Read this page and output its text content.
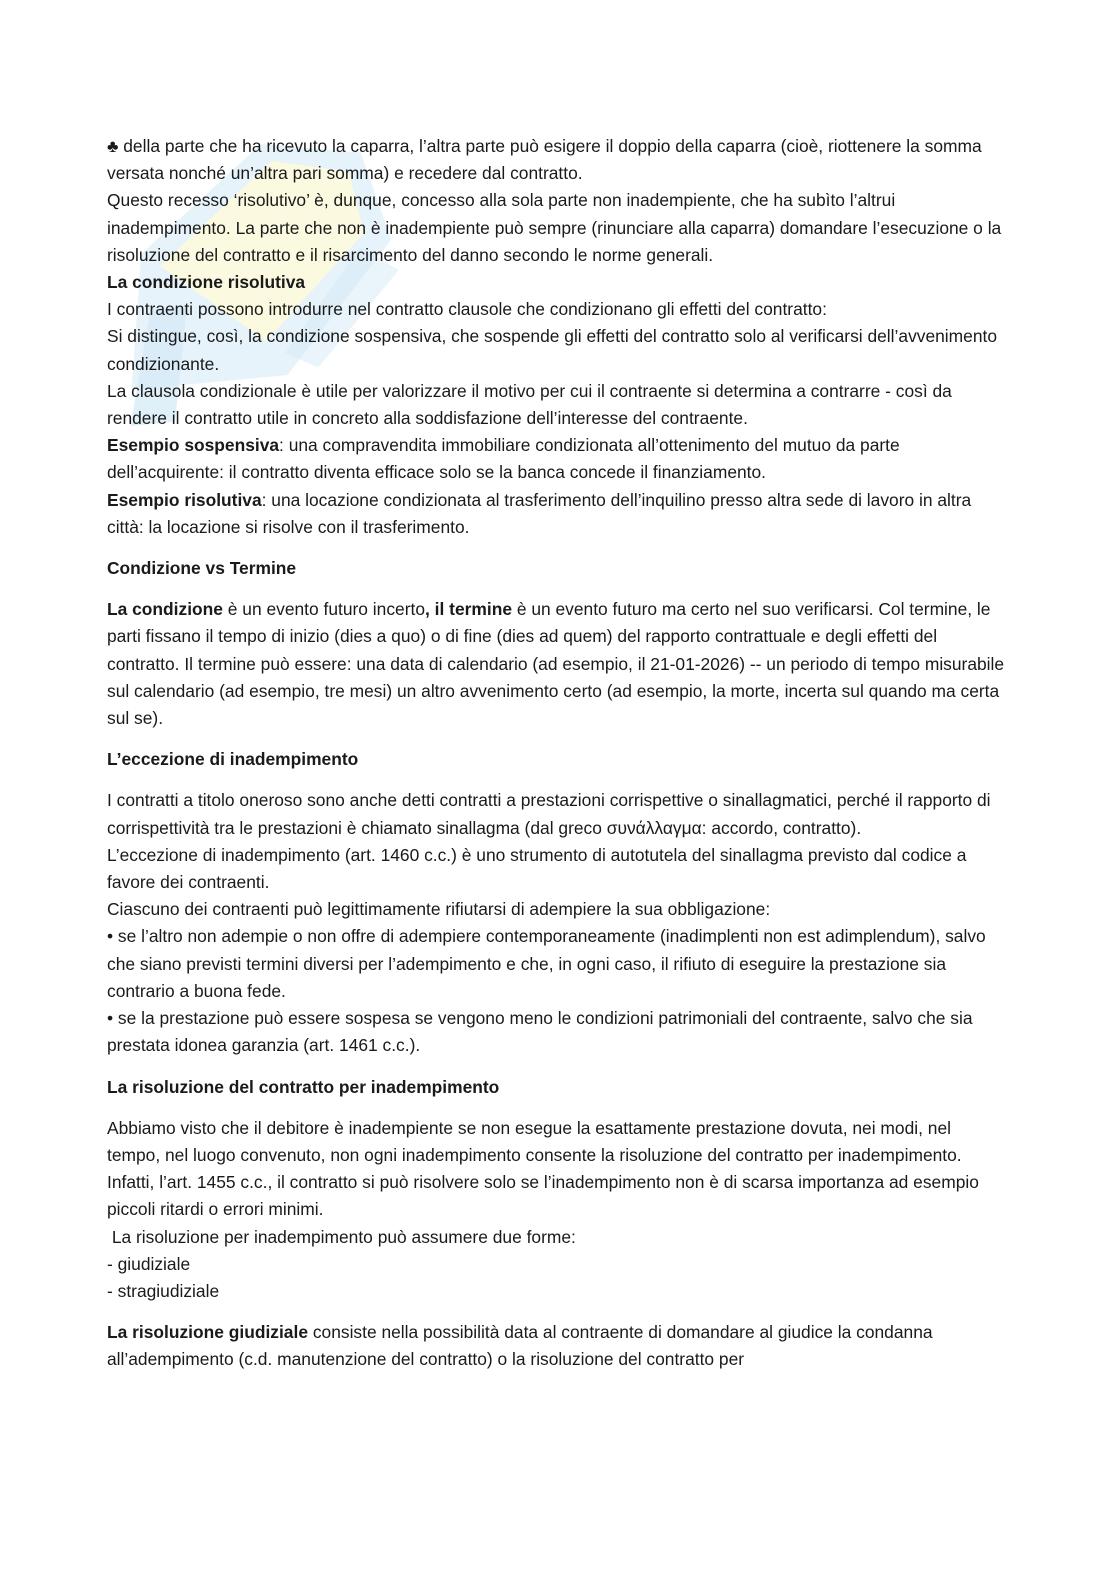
♣ della parte che ha ricevuto la caparra, l’altra parte può esigere il doppio della caparra (cioè, riottenere la somma versata nonché un’altra pari somma) e recedere dal contratto.

Questo recesso ‘risolutivo’ è, dunque, concesso alla sola parte non inadempiente, che ha subìto l’altrui inadempimento. La parte che non è inadempiente può sempre (rinunciare alla caparra) domandare l’esecuzione o la risoluzione del contratto e il risarcimento del danno secondo le norme generali.

La condizione risolutiva

I contraenti possono introdurre nel contratto clausole che condizionano gli effetti del contratto:

Si distingue, così, la condizione sospensiva, che sospende gli effetti del contratto solo al verificarsi dell’avvenimento condizionante.

La clausola condizionale è utile per valorizzare il motivo per cui il contraente si determina a contrarre - così da rendere il contratto utile in concreto alla soddisfazione dell’interesse del contraente.

Esempio sospensiva: una compravendita immobiliare condizionata all’ottenimento del mutuo da parte dell’acquirente: il contratto diventa efficace solo se la banca concede il finanziamento.

Esempio risolutiva: una locazione condizionata al trasferimento dell’inquilino presso altra sede di lavoro in altra città: la locazione si risolve con il trasferimento.

Condizione vs Termine

La condizione è un evento futuro incerto, il termine è un evento futuro ma certo nel suo verificarsi. Col termine, le parti fissano il tempo di inizio (dies a quo) o di fine (dies ad quem) del rapporto contrattuale e degli effetti del contratto. Il termine può essere: una data di calendario (ad esempio, il 21-01-2026) -- un periodo di tempo misurabile sul calendario (ad esempio, tre mesi) un altro avvenimento certo (ad esempio, la morte, incerta sul quando ma certa sul se).

L’eccezione di inadempimento

I contratti a titolo oneroso sono anche detti contratti a prestazioni corrispettive o sinallagmatici, perché il rapporto di corrispettività tra le prestazioni è chiamato sinallagma (dal greco συνάλλαγμα: accordo, contratto).

L’eccezione di inadempimento (art. 1460 c.c.) è uno strumento di autotutela del sinallagma previsto dal codice a favore dei contraenti.

Ciascuno dei contraenti può legittimamente rifiutarsi di adempiere la sua obbligazione:

• se l’altro non adempie o non offre di adempiere contemporaneamente (inadimplenti non est adimplendum), salvo che siano previsti termini diversi per l’adempimento e che, in ogni caso, il rifiuto di eseguire la prestazione sia contrario a buona fede.

• se la prestazione può essere sospesa se vengono meno le condizioni patrimoniali del contraente, salvo che sia prestata idonea garanzia (art. 1461 c.c.).

La risoluzione del contratto per inadempimento

Abbiamo visto che il debitore è inadempiente se non esegue la esattamente prestazione dovuta, nei modi, nel tempo, nel luogo convenuto, non ogni inadempimento consente la risoluzione del contratto per inadempimento. Infatti, l’art. 1455 c.c., il contratto si può risolvere solo se l’inadempimento non è di scarsa importanza ad esempio piccoli ritardi o errori minimi.

La risoluzione per inadempimento può assumere due forme:

- giudiziale

- stragiudiziale

La risoluzione giudiziale consiste nella possibilità data al contraente di domandare al giudice la condanna all’adempimento (c.d. manutenzione del contratto) o la risoluzione del contratto per
